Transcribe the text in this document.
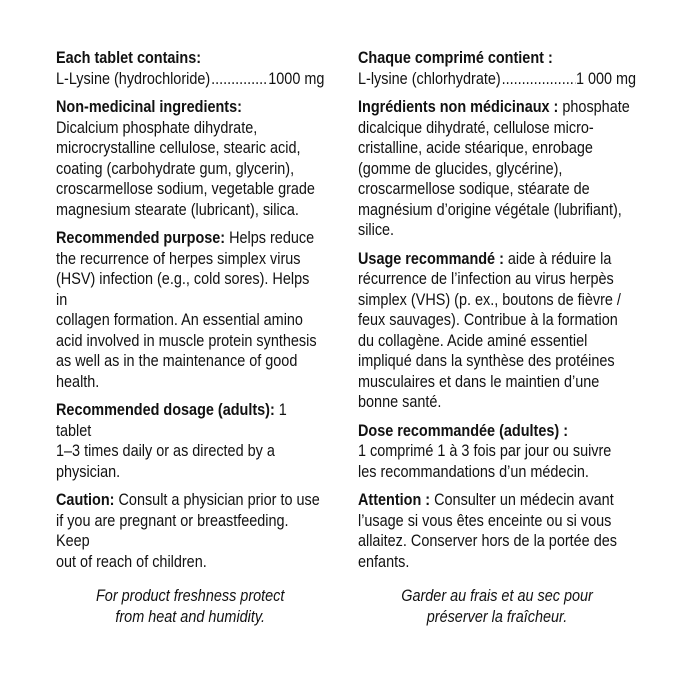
Each tablet contains:
L-Lysine (hydrochloride) .....	1000 mg
Non-medicinal ingredients:
Dicalcium phosphate dihydrate,
microcrystalline cellulose, stearic acid,
coating (carbohydrate gum, glycerin),
croscarmellose sodium, vegetable grade
magnesium stearate (lubricant), silica.
Recommended purpose: Helps reduce
the recurrence of herpes simplex virus
(HSV) infection (e.g., cold sores). Helps in
collagen formation. An essential amino
acid involved in muscle protein synthesis
as well as in the maintenance of good
health.
Recommended dosage (adults): 1 tablet
1–3 times daily or as directed by a
physician.
Caution: Consult a physician prior to use
if you are pregnant or breastfeeding. Keep
out of reach of children.
For product freshness protect
from heat and humidity.
Chaque comprimé contient :
L-lysine (chlorhydrate) .....	1 000 mg
Ingrédients non médicinaux : phosphate
dicalcique dihydraté, cellulose micro-
cristalline, acide stéarique, enrobage
(gomme de glucides, glycérine),
croscarmellose sodique, stéarate de
magnésium d’origine végétale (lubrifiant),
silice.
Usage recommandé : aide à réduire la
récurrence de l’infection au virus herpès
simplex (VHS) (p. ex., boutons de fièvre /
feux sauvages). Contribue à la formation
du collagène. Acide aminé essentiel
impliqué dans la synthèse des protéines
musculaires et dans le maintien d’une
bonne santé.
Dose recommandée (adultes) :
1 comprimé 1 à 3 fois par jour ou suivre
les recommandations d’un médecin.
Attention : Consulter un médecin avant
l’usage si vous êtes enceinte ou si vous
allaitez. Conserver hors de la portée des
enfants.
Garder au frais et au sec pour
préserver la fraîcheur.
